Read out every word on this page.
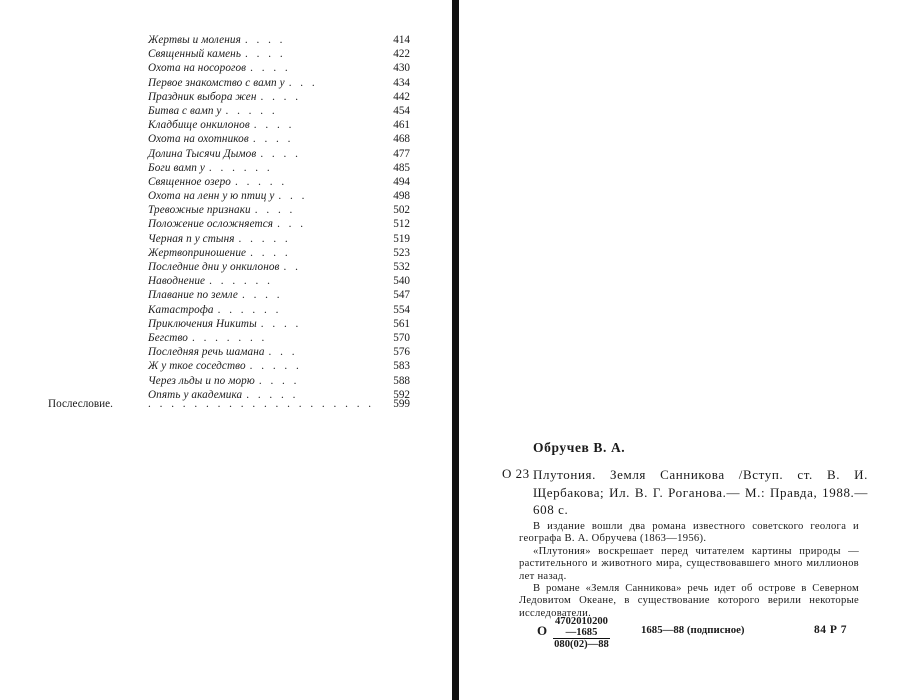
Жертвы и моления . . . .	414
Священный камень . . . .	422
Охота на носорогов . . . .	430
Первое знакомство с вамп у . . .	434
Праздник выбора жен . . . .	442
Битва с вамп у . . . . .	454
Кладбище онкилонов . . . .	461
Охота на охотников . . . .	468
Долина Тысячи Дымов . . . .	477
Боги вамп у . . . . . .	485
Священное озеро . . . . .	494
Охота на ленн у ю птиц у . . .	498
Тревожные признаки . . . .	502
Положение осложняется . . .	512
Черная п у стыня . . . . .	519
Жертвоприношение . . . .	523
Последние дни у онкилонов . .	532
Наводнение . . . . . .	540
Плавание по земле . . . .	547
Катастрофа . . . . . .	554
Приключения Никиты . . . .	561
Бегство . . . . . . .	570
Последняя речь шамана . . .	576
Ж у ткое соседство . . . . .	583
Через льды и по морю . . . .	588
Опять у академика . . . . .	592
Послесловие.	. . . . . . . . . . . . . . . . . . . . 599
Обручев В. А.
О 23 Плутония. Земля Санникова /Вступ. ст. В. И. Щербакова; Ил. В. Г. Роганова.— М.: Правда, 1988.— 608 с.

В издание вошли два романа известного советского геолога и географа В. А. Обручева (1863—1956).

«Плутония» воскрешает перед читателем картины природы — растительного и животного мира, существовавшего много миллионов лет назад.

В романе «Земля Санникова» речь идет об острове в Северном Ледовитом Океане, в существование которого верили некоторые исследователи.

О $\frac{4702010200—1685}{080(02)—88}$	1685—88 (подписное)	84 Р 7
